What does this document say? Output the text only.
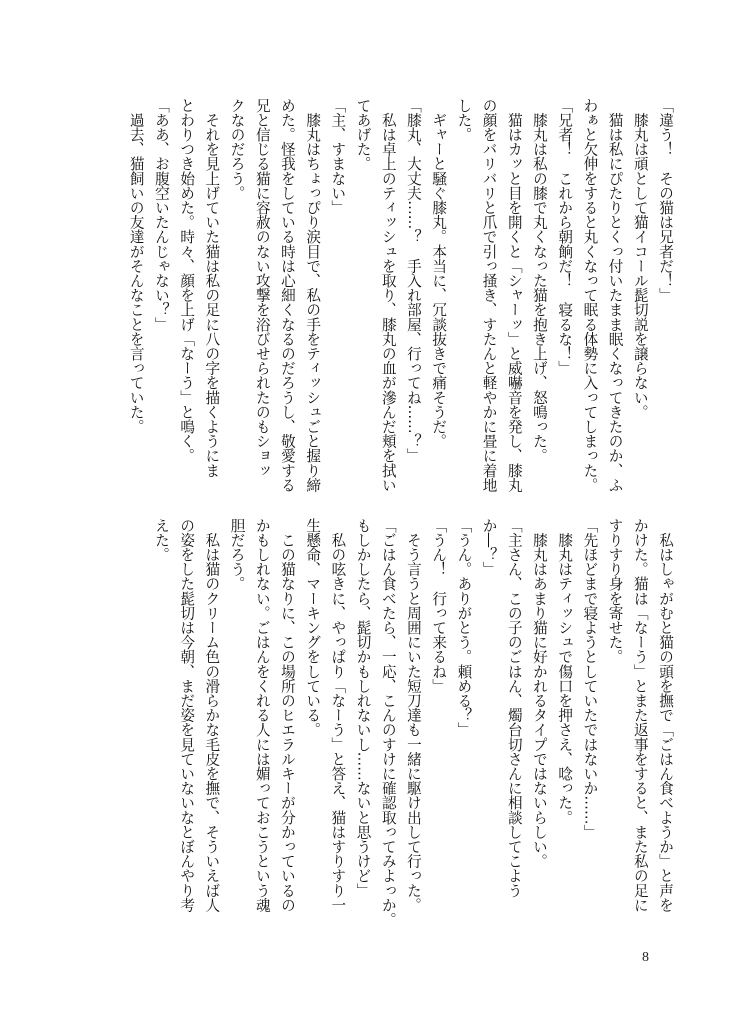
「違う！　その猫は兄者だ！」
　膝丸は頑として猫イコール髭切説を譲らない。
　猫は私にぴたりとくっ付いたまま眠くなってきたのか、ふ
わぁと欠伸をすると丸くなって眠る体勢に入ってしまった。
「兄者！　これから朝餉だ！　寝るな！」
　膝丸は私の膝で丸くなった猫を抱き上げ、怒鳴った。
　猫はカッと目を開くと「シャーッ」と威嚇音を発し、膝丸
の顔をバリバリと爪で引っ掻き、すたんと軽やかに畳に着地
した。
　ギャーと騒ぐ膝丸。本当に、冗談抜きで痛そうだ。
「膝丸、大丈夫……？　手入れ部屋、行ってね……？」
　私は卓上のティッシュを取り、膝丸の血が滲んだ頬を拭い
てあげた。
「主、すまない」
　膝丸はちょっぴり涙目で、私の手をティッシュごと握り締
めた。怪我をしている時は心細くなるのだろうし、敬愛する
兄と信じる猫に容赦のない攻撃を浴びせられたのもショッ
クなのだろう。
　それを見上げていた猫は私の足に八の字を描くようにま
とわりつき始めた。時々、顔を上げ「なーう」と鳴く。
「ああ、お腹空いたんじゃない？」
　過去、猫飼いの友達がそんなことを言っていた。
　私はしゃがむと猫の頭を撫で「ごはん食べようか」と声を
かけた。猫は「なーう」とまた返事をすると、また私の足に
すりすり身を寄せた。
「先ほどまで寝ようとしていたではないか……」
　膝丸はティッシュで傷口を押さえ、唸った。
　膝丸はあまり猫に好かれるタイプではないらしい。
「主さん、この子のごはん、燭台切さんに相談してこよう
か―？」
「うん。ありがとう。頼める？」
「うん！　行って来るね」
　そう言うと周囲にいた短刀達も一緒に駆け出して行った。
「ごはん食べたら、一応、こんのすけに確認取ってみよっか。
もしかしたら、髭切かもしれないし……ないと思うけど」
　私の呟きに、やっぱり「なーう」と答え、猫はすりすり一
生懸命、マーキングをしている。
　この猫なりに、この場所のヒエラルキーが分かっているの
かもしれない。ごはんをくれる人には媚っておこうという魂
胆だろう。
　私は猫のクリーム色の滑らかな毛皮を撫で、そういえば人
の姿をした髭切は今朝、まだ姿を見ていないなとぼんやり考
えた。
8
